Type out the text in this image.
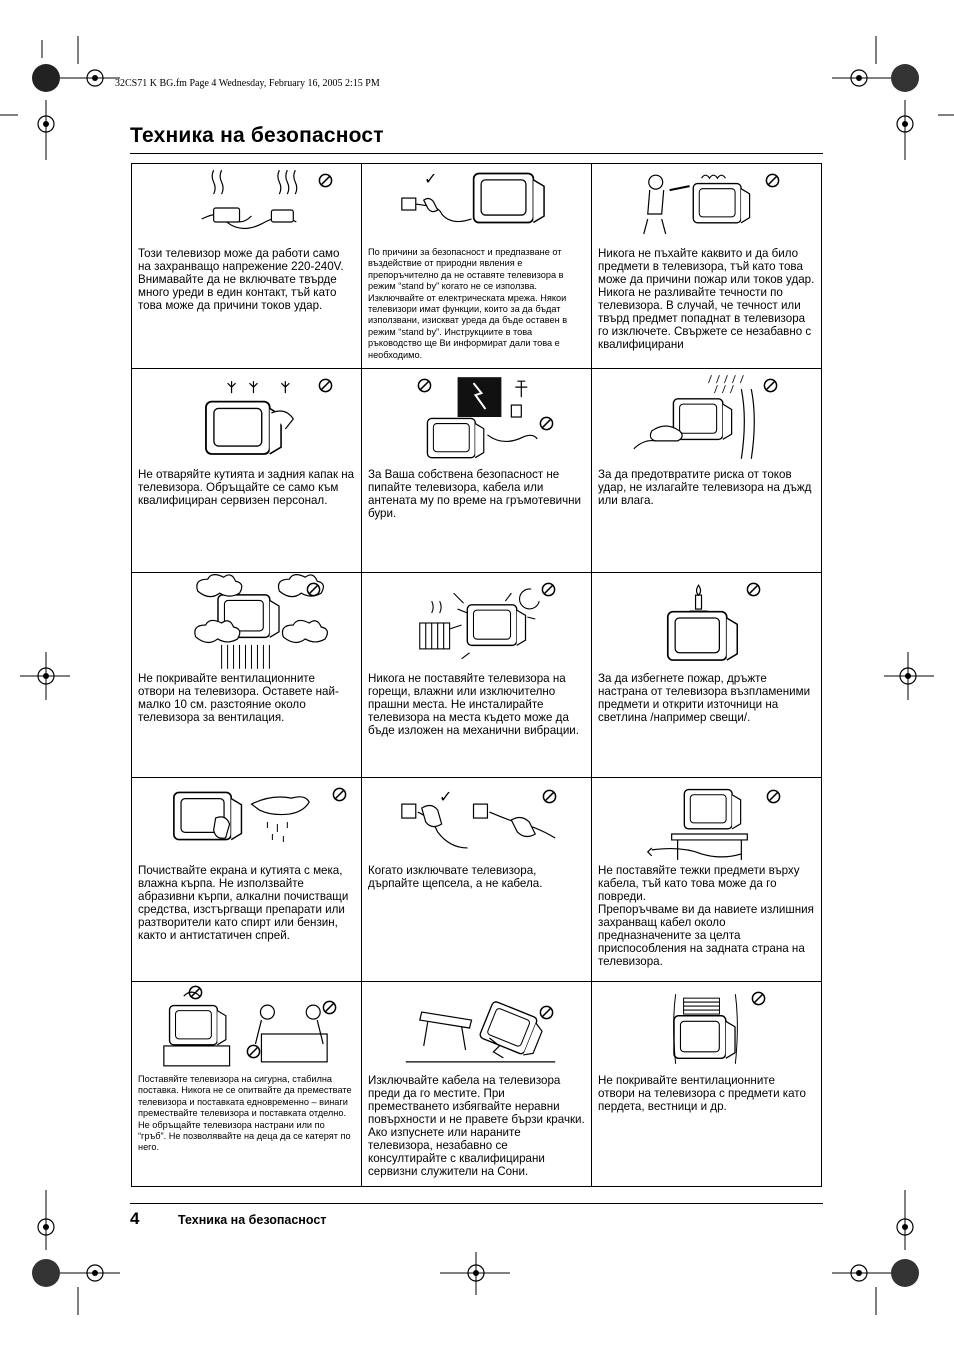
32CS71 K BG.fm Page 4 Wednesday, February 16, 2005 2:15 PM
Техника на безопасност
Този телевизор може да работи само на захранващо напрежение 220-240V. Внимавайте да не включвате твърде много уреди в един контакт, тъй като това може да причини токов удар.
✓
По причини за безопасност и предпазване от въздействие от природни явления е препоръчително да не оставяте телевизора в режим “stand by” когато не се използва. Изключвайте от електрическата мрежа. Някои телевизори имат функции, които за да бъдат използвани, изискват уреда да бъде оставен в режим “stand by”. Инструкциите в това ръководство ще Ви информират дали това е необходимо.
Никога не пъхайте каквито и да било предмети в телевизора, тъй като това може да причини пожар или токов удар. Никога не разливайте течности по телевизора. В случай, че течност или твърд предмет попаднат в телевизора го изключете. Свържете се незабавно с квалифицирани
Не отваряйте кутията и задния капак на телевизора. Обръщайте се само към квалифициран сервизен персонал.
За Ваша собствена безопасност не пипайте телевизора, кабела или антената му по време на гръмотевични бури.
За да предотвратите риска от токов удар, не излагайте телевизора на дъжд или влага.
Не покривайте вентилационните отвори на телевизора. Оставете най-малко 10 см. разстояние около телевизора за вентилация.
Никога не поставяйте телевизора на горещи, влажни или изключително прашни места. Не инсталирайте телевизора на места където може да бъде изложен на механични вибрации.
За да избегнете пожар, дръжте настрана от телевизора възпламеними предмети и открити източници на светлина /например свещи/.
Почиствайте екрана и кутията с мека, влажна кърпа. Не използвайте абразивни кърпи, алкални почистващи средства, изстъргващи препарати или разтворители като спирт или бензин, както и антистатичен спрей.
✓
Когато изключвате телевизора, дърпайте щепсела, а не кабела.
Не поставяйте тежки предмети върху кабела, тъй като това може да го повреди.
Препоръчваме ви да навиете излишния захранващ кабел около предназначените за целта приспособления на задната страна на телевизора.
Поставяйте телевизора на сигурна, стабилна поставка. Никога не се опитвайте да премествате телевизора и поставката едновременно – винаги премествайте телевизора и поставката отделно. Не обръщайте телевизора настрани или по “гръб”. Не позволявайте на деца да се катерят по него.
Изключвайте кабела на телевизора преди да го местите. При преместването избягвайте неравни повърхности и не правете бързи крачки. Ако изпуснете или нараните телевизора, незабавно се консултирайте с квалифицирани сервизни служители на Сони.
Не покривайте вентилационните отвори на телевизора с предмети като пердета, вестници и др.
4	Техника на безопасност
